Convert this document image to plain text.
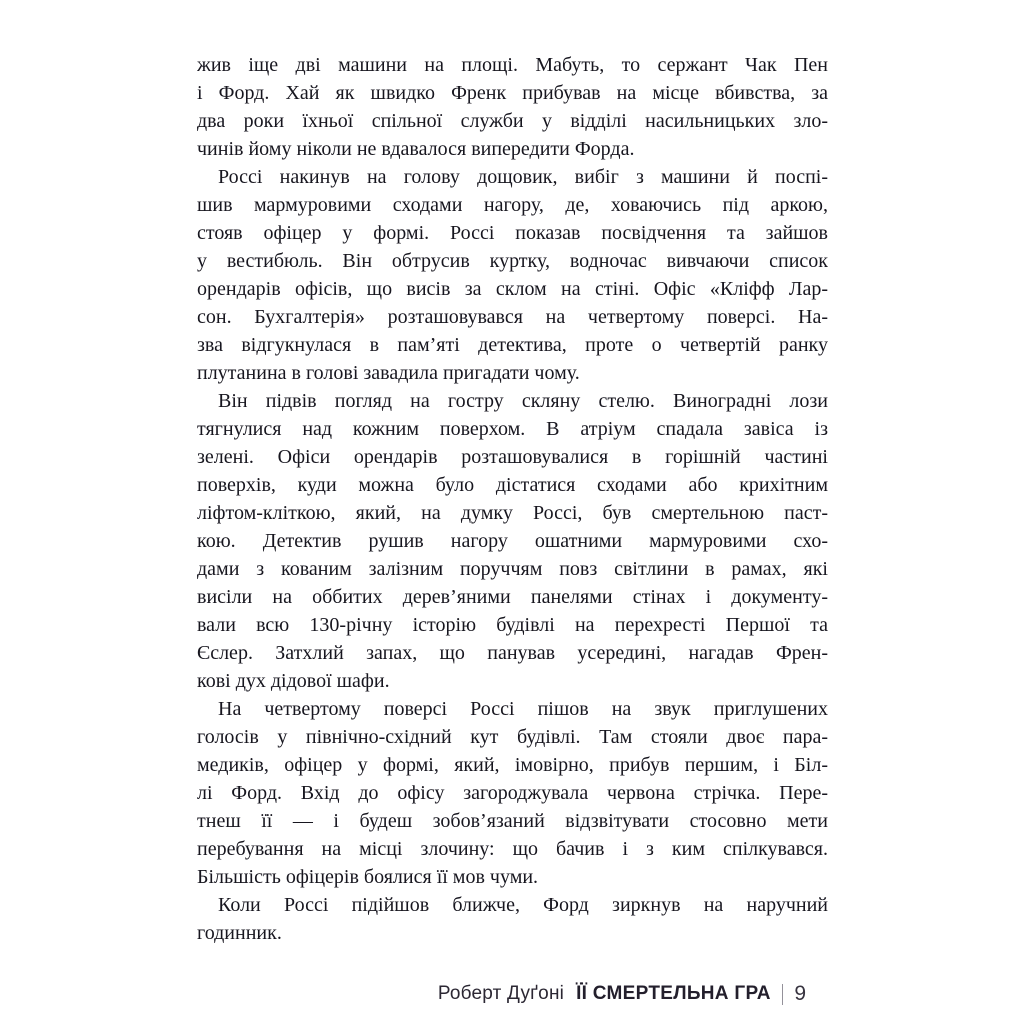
жив іще дві машини на площі. Мабуть, то сержант Чак Пен
і Форд. Хай як швидко Френк прибував на місце вбивства, за
два роки їхньої спільної служби у відділі насильницьких зло-
чинів йому ніколи не вдавалося випередити Форда.
Россі накинув на голову дощовик, вибіг з машини й поспі-
шив мармуровими сходами нагору, де, ховаючись під аркою,
стояв офіцер у формі. Россі показав посвідчення та зайшов
у вестибюль. Він обтрусив куртку, водночас вивчаючи список
орендарів офісів, що висів за склом на стіні. Офіс «Кліфф Лар-
сон. Бухгалтерія» розташовувався на четвертому поверсі. На-
зва відгукнулася в пам’яті детектива, проте о четвертій ранку
плутанина в голові завадила пригадати чому.
Він підвів погляд на гостру скляну стелю. Виноградні лози
тягнулися над кожним поверхом. В атріум спадала завіса із
зелені. Офіси орендарів розташовувалися в горішній частині
поверхів, куди можна було дістатися сходами або крихітним
ліфтом-кліткою, який, на думку Россі, був смертельною паст-
кою. Детектив рушив нагору ошатними мармуровими схо-
дами з кованим залізним поруччям повз світлини в рамах, які
висіли на оббитих дерев’яними панелями стінах і документу-
вали всю 130-річну історію будівлі на перехресті Першої та
Єслер. Затхлий запах, що панував усередині, нагадав Френ-
кові дух дідової шафи.
На четвертому поверсі Россі пішов на звук приглушених
голосів у північно-східний кут будівлі. Там стояли двоє пара-
медиків, офіцер у формі, який, імовірно, прибув першим, і Біл-
лі Форд. Вхід до офісу загороджувала червона стрічка. Пере-
тнеш її — і будеш зобов’язаний відзвітувати стосовно мети
перебування на місці злочину: що бачив і з ким спілкувався.
Більшість офіцерів боялися її мов чуми.
Коли Россі підійшов ближче, Форд зиркнув на наручний
годинник.
Роберт Дуґоні ЇЇ СМЕРТЕЛЬНА ГРА 9
